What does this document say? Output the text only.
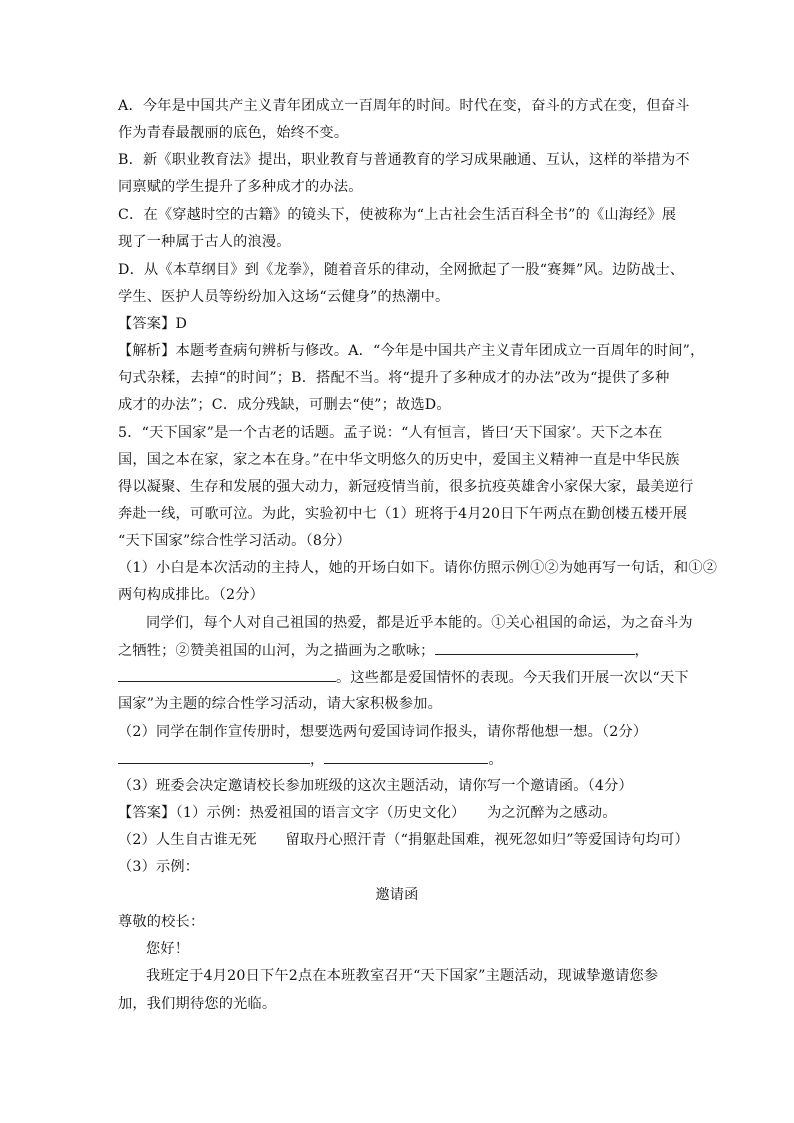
A．今年是中国共产主义青年团成立一百周年的时间。时代在变，奋斗的方式在变，但奋斗
作为青春最靓丽的底色，始终不变。
B．新《职业教育法》提出，职业教育与普通教育的学习成果融通、互认，这样的举措为不
同禀赋的学生提升了多种成才的办法。
C．在《穿越时空的古籍》的镜头下，使被称为“上古社会生活百科全书”的《山海经》展
现了一种属于古人的浪漫。
D．从《本草纲目》到《龙拳》，随着音乐的律动，全网掀起了一股“赛舞”风。边防战士、
学生、医护人员等纷纷加入这场“云健身”的热潮中。
【答案】D
【解析】本题考查病句辨析与修改。A．“今年是中国共产主义青年团成立一百周年的时间”，
句式杂糅，去掉“的时间”；B．搭配不当。将“提升了多种成才的办法”改为“提供了多种
成才的办法”；C．成分残缺，可删去“使”；故选D。
5．“天下国家”是一个古老的话题。孟子说：“人有恒言，皆曰‘天下国家’。天下之本在
国，国之本在家，家之本在身。”在中华文明悠久的历史中，爱国主义精神一直是中华民族
得以凝聚、生存和发展的强大动力，新冠疫情当前，很多抗疫英雄舍小家保大家，最美逆行
奔赴一线，可歌可泣。为此，实验初中七（1）班将于4月20日下午两点在勤创楼五楼开展
“天下国家”综合性学习活动。（8分）
（1）小白是本次活动的主持人，她的开场白如下。请你仿照示例①②为她再写一句话，和①②
两句构成排比。（2分）
同学们，每个人对自己祖国的热爱，都是近乎本能的。①关心祖国的命运，为之奋斗为
之牺牲；②赞美祖国的山河，为之描画为之歌咏；	，
。这些都是爱国情怀的表现。今天我们开展一次以“天下
国家”为主题的综合性学习活动，请大家积极参加。
（2）同学在制作宣传册时，想要选两句爱国诗词作报头，请你帮他想一想。（2分）
，	。
（3）班委会决定邀请校长参加班级的这次主题活动，请你写一个邀请函。（4分）
【答案】（1）示例：热爱祖国的语言文字（历史文化）　　为之沉醉为之感动。
（2）人生自古谁无死　　留取丹心照汗青（“捐躯赴国难，视死忽如归”等爱国诗句均可）
（3）示例：
邀请函
尊敬的校长：
您好！
我班定于4月20日下午2点在本班教室召开“天下国家”主题活动，现诚挚邀请您参
加，我们期待您的光临。
